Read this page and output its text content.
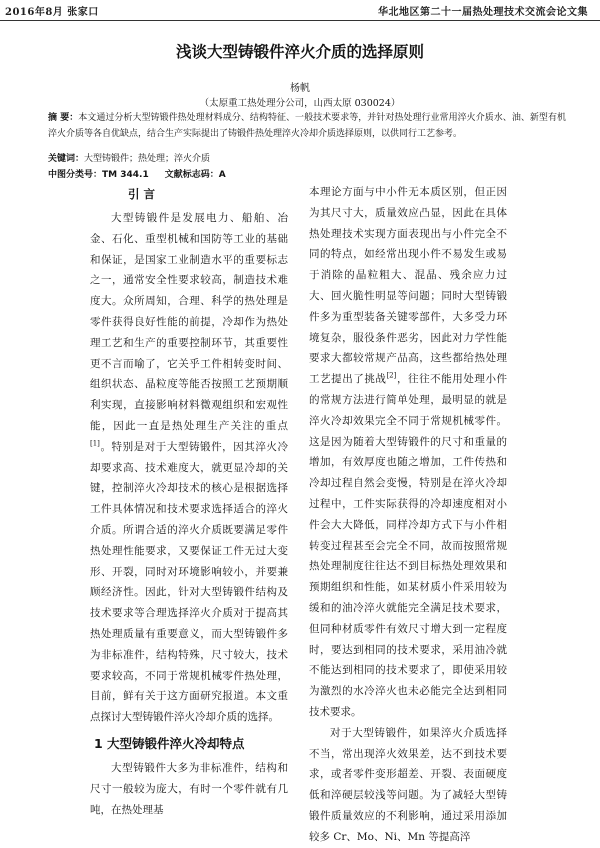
2016年8月 张家口	华北地区第二十一届热处理技术交流会论文集
浅谈大型铸锻件淬火介质的选择原则
杨帆
（太原重工热处理分公司，山西太原 030024）
摘 要：本文通过分析大型铸锻件热处理材料成分、结构特征、一般技术要求等，并针对热处理行业常用淬火介质水、油、新型有机淬火介质等各自优缺点，结合生产实际提出了铸锻件热处理淬火冷却介质选择原则，以供同行工艺参考。
关键词：大型铸锻件；热处理；淬火介质
中图分类号：TM 344.1 文献标志码：A
引 言

大型铸锻件是发展电力、船舶、冶金、石化、重型机械和国防等工业的基础和保证，是国家工业制造水平的重要标志之一，通常安全性要求较高，制造技术难度大。众所周知，合理、科学的热处理是零件获得良好性能的前提，冷却作为热处理工艺和生产的重要控制环节，其重要性更不言而喻了，它关乎工件相转变时间、组织状态、晶粒度等能否按照工艺预期顺利实现，直接影响材料微观组织和宏观性能，因此一直是热处理生产关注的重点[1]。特别是对于大型铸锻件，因其淬火冷却要求高、技术难度大，就更显冷却的关键，控制淬火冷却技术的核心是根据选择工件具体情况和技术要求选择适合的淬火介质。所谓合适的淬火介质既要满足零件热处理性能要求，又要保证工件无过大变形、开裂，同时对环境影响较小，并要兼顾经济性。因此，针对大型铸锻件结构及技术要求等合理选择淬火介质对于提高其热处理质量有重要意义，而大型铸锻件多为非标准件，结构特殊，尺寸较大，技术要求较高，不同于常规机械零件热处理，目前，鲜有关于这方面研究报道。本文重点探讨大型铸锻件淬火冷却介质的选择。

1 大型铸锻件淬火冷却特点

大型铸锻件大多为非标准件，结构和尺寸一般较为庞大，有时一个零件就有几吨，在热处理基

本理论方面与中小件无本质区别，但正因为其尺寸大，质量效应凸显，因此在具体热处理技术实现方面表现出与小件完全不同的特点，如经常出现小件不易发生或易于消除的晶粒粗大、混晶、残余应力过大、回火脆性明显等问题；同时大型铸锻件多为重型装备关键零部件，大多受力环境复杂，服役条件恶劣，因此对力学性能要求大都较常规产品高，这些都给热处理工艺提出了挑战[2]，往往不能用处理小件的常规方法进行简单处理，最明显的就是淬火冷却效果完全不同于常规机械零件。这是因为随着大型铸锻件的尺寸和重量的增加，有效厚度也随之增加，工件传热和冷却过程自然会变慢，特别是在淬火冷却过程中，工件实际获得的冷却速度相对小件会大大降低，同样冷却方式下与小件相转变过程甚至会完全不同，故而按照常规热处理制度往往达不到目标热处理效果和预期组织和性能，如某材质小件采用较为缓和的油冷淬火就能完全满足技术要求，但同种材质零件有效尺寸增大到一定程度时，要达到相同的技术要求，采用油冷就不能达到相同的技术要求了，即使采用较为激烈的水冷淬火也未必能完全达到相同技术要求。

对于大型铸锻件，如果淬火介质选择不当，常出现淬火效果差，达不到技术要求，或者零件变形超差、开裂、表面硬度低和淬硬层较浅等问题。为了减轻大型铸锻件质量效应的不利影响，通过采用添加较多 Cr、Mo、Ni、Mn 等提高淬
